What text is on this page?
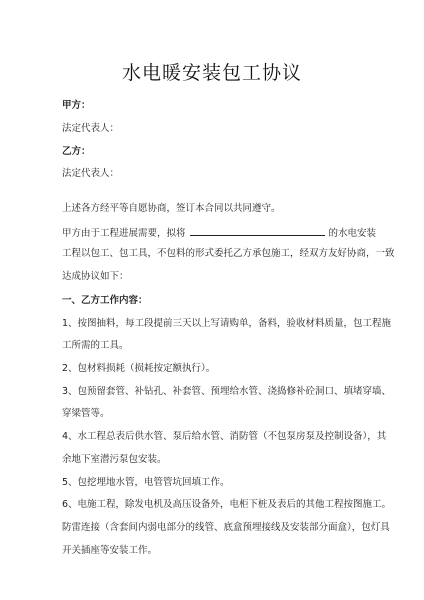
水电暖安装包工协议
甲方：
法定代表人：
乙方：
法定代表人：
上述各方经平等自愿协商，签订本合同以共同遵守。
甲方由于工程进展需要，拟将	的水电安装
工程以包工、包工具，不包料的形式委托乙方承包施工，经双方友好协商，一致
达成协议如下：
一、乙方工作内容：
1、按图抽料，每工段提前三天以上写请购单，备料，验收材料质量，包工程施
工所需的工具。
2、包材料损耗（损耗按定额执行）。
3、包预留套管、补钻孔、补套管、预埋给水管、浇捣修补砼洞口、填堵穿墙、
穿梁管等。
4、水工程总表后供水管、泵后给水管、消防管（不包泵房泵及控制设备），其
余地下室潜污泵包安装。
5、包挖埋地水管，电管管坑回填工作。
6、电施工程，除发电机及高压设备外，电柜下桩及表后的其他工程按图施工。
防雷连接（含套间内弱电部分的线管、底盒预埋接线及安装部分面盒），包灯具
开关插座等安装工作。
